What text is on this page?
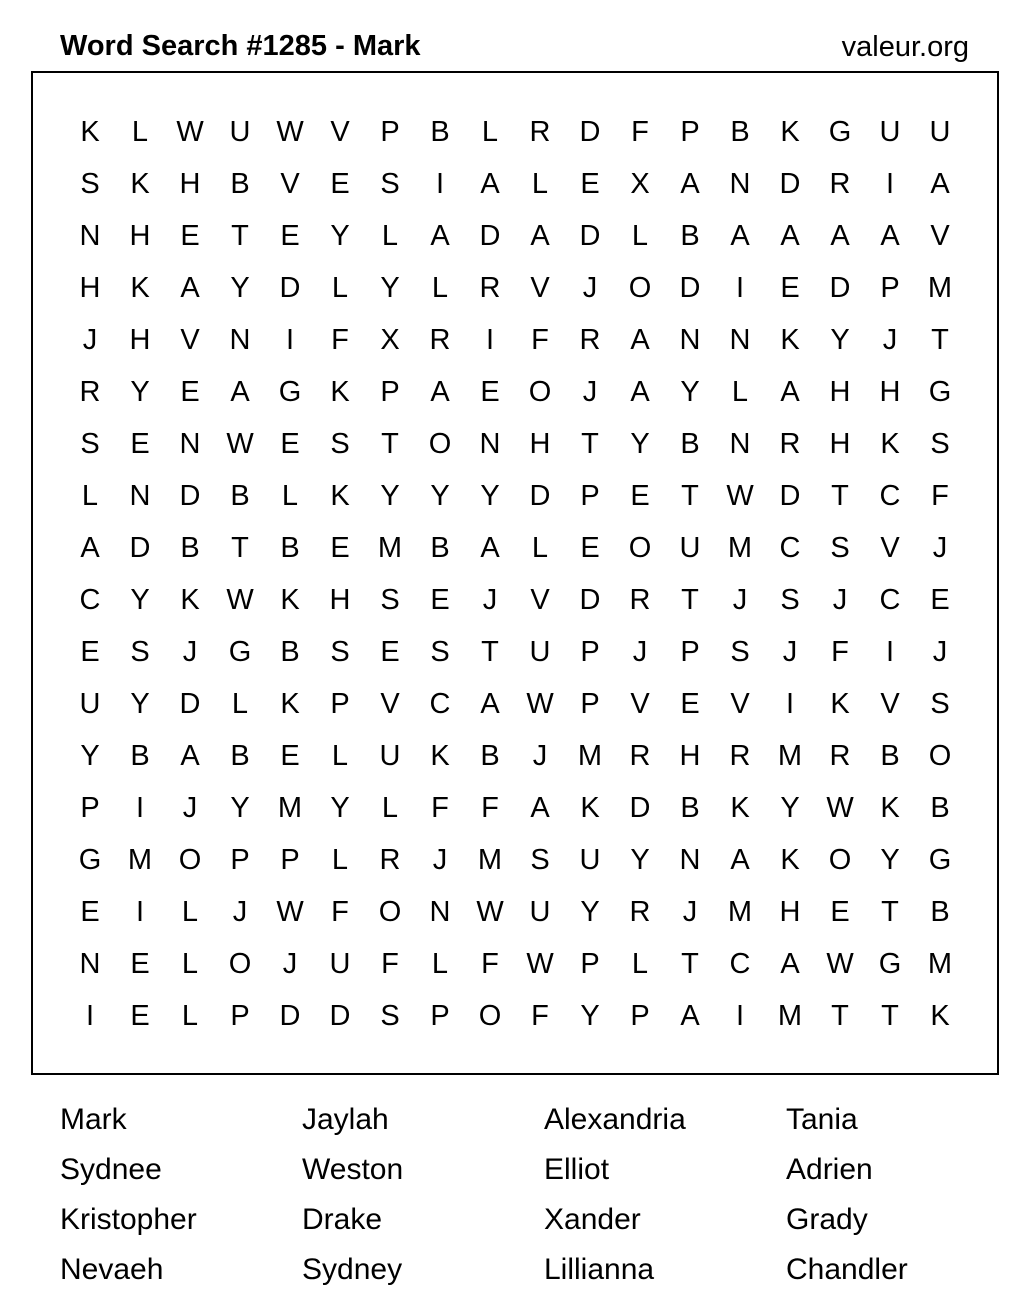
Word Search #1285 - Mark	valeur.org
K	L W U W V	P	B	L	R	D	F	P	B	K	G U	U
S	K	H	B	V	E	S	I	A	L	E	X	A	N	D	R	I	A
N	H	E	T	E	Y	L	A	D	A	D	L	B	A	A	A	A	V
H	K	A	Y	D	L	Y	L	R	V	J	O D	I	E	D	P M
J	H	V	N	I	F	X	R	I	F	R	A	N	N	K	Y	J	T
R	Y	E	A	G	K	P	A	E	O	J	A	Y	L	A	H	H G
S	E	N W E	S	T	O N	H	T	Y	B	N	R	H	K	S
L	N	D	B	L	K	Y	Y	Y	D	P	E	T W D	T	C	F
A	D	B	T	B	E M B	A	L	E	O U M C	S	V	J
C	Y	K W K	H	S	E	J	V	D	R	T	J	S	J	C	E
E	S	J	G	B	S	E	S	T	U	P	J	P	S	J	F	I	J
U	Y	D	L	K	P	V	C	A W P	V	E	V	I	K	V	S
Y	B	A	B	E	L	U	K	B	J	M R	H	R M R	B	O
P	I	J	Y M Y	L	F	F	A	K	D	B	K	Y W K	B
G M O	P	P	L	R	J	M S	U	Y	N	A	K	O	Y	G
E	I	L	J	W F	O N W U	Y	R	J	M H	E	T	B
N	E	L	O	J	U	F	L	F W P	L	T	C	A W G M
I	E	L	P	D	D	S	P	O	F	Y	P	A	I	M	T	T	K
Mark	Jaylah	Alexandria	Tania
Sydnee	Weston	Elliot	Adrien
Kristopher	Drake	Xander	Grady
Nevaeh	Sydney	Lillianna	Chandler
